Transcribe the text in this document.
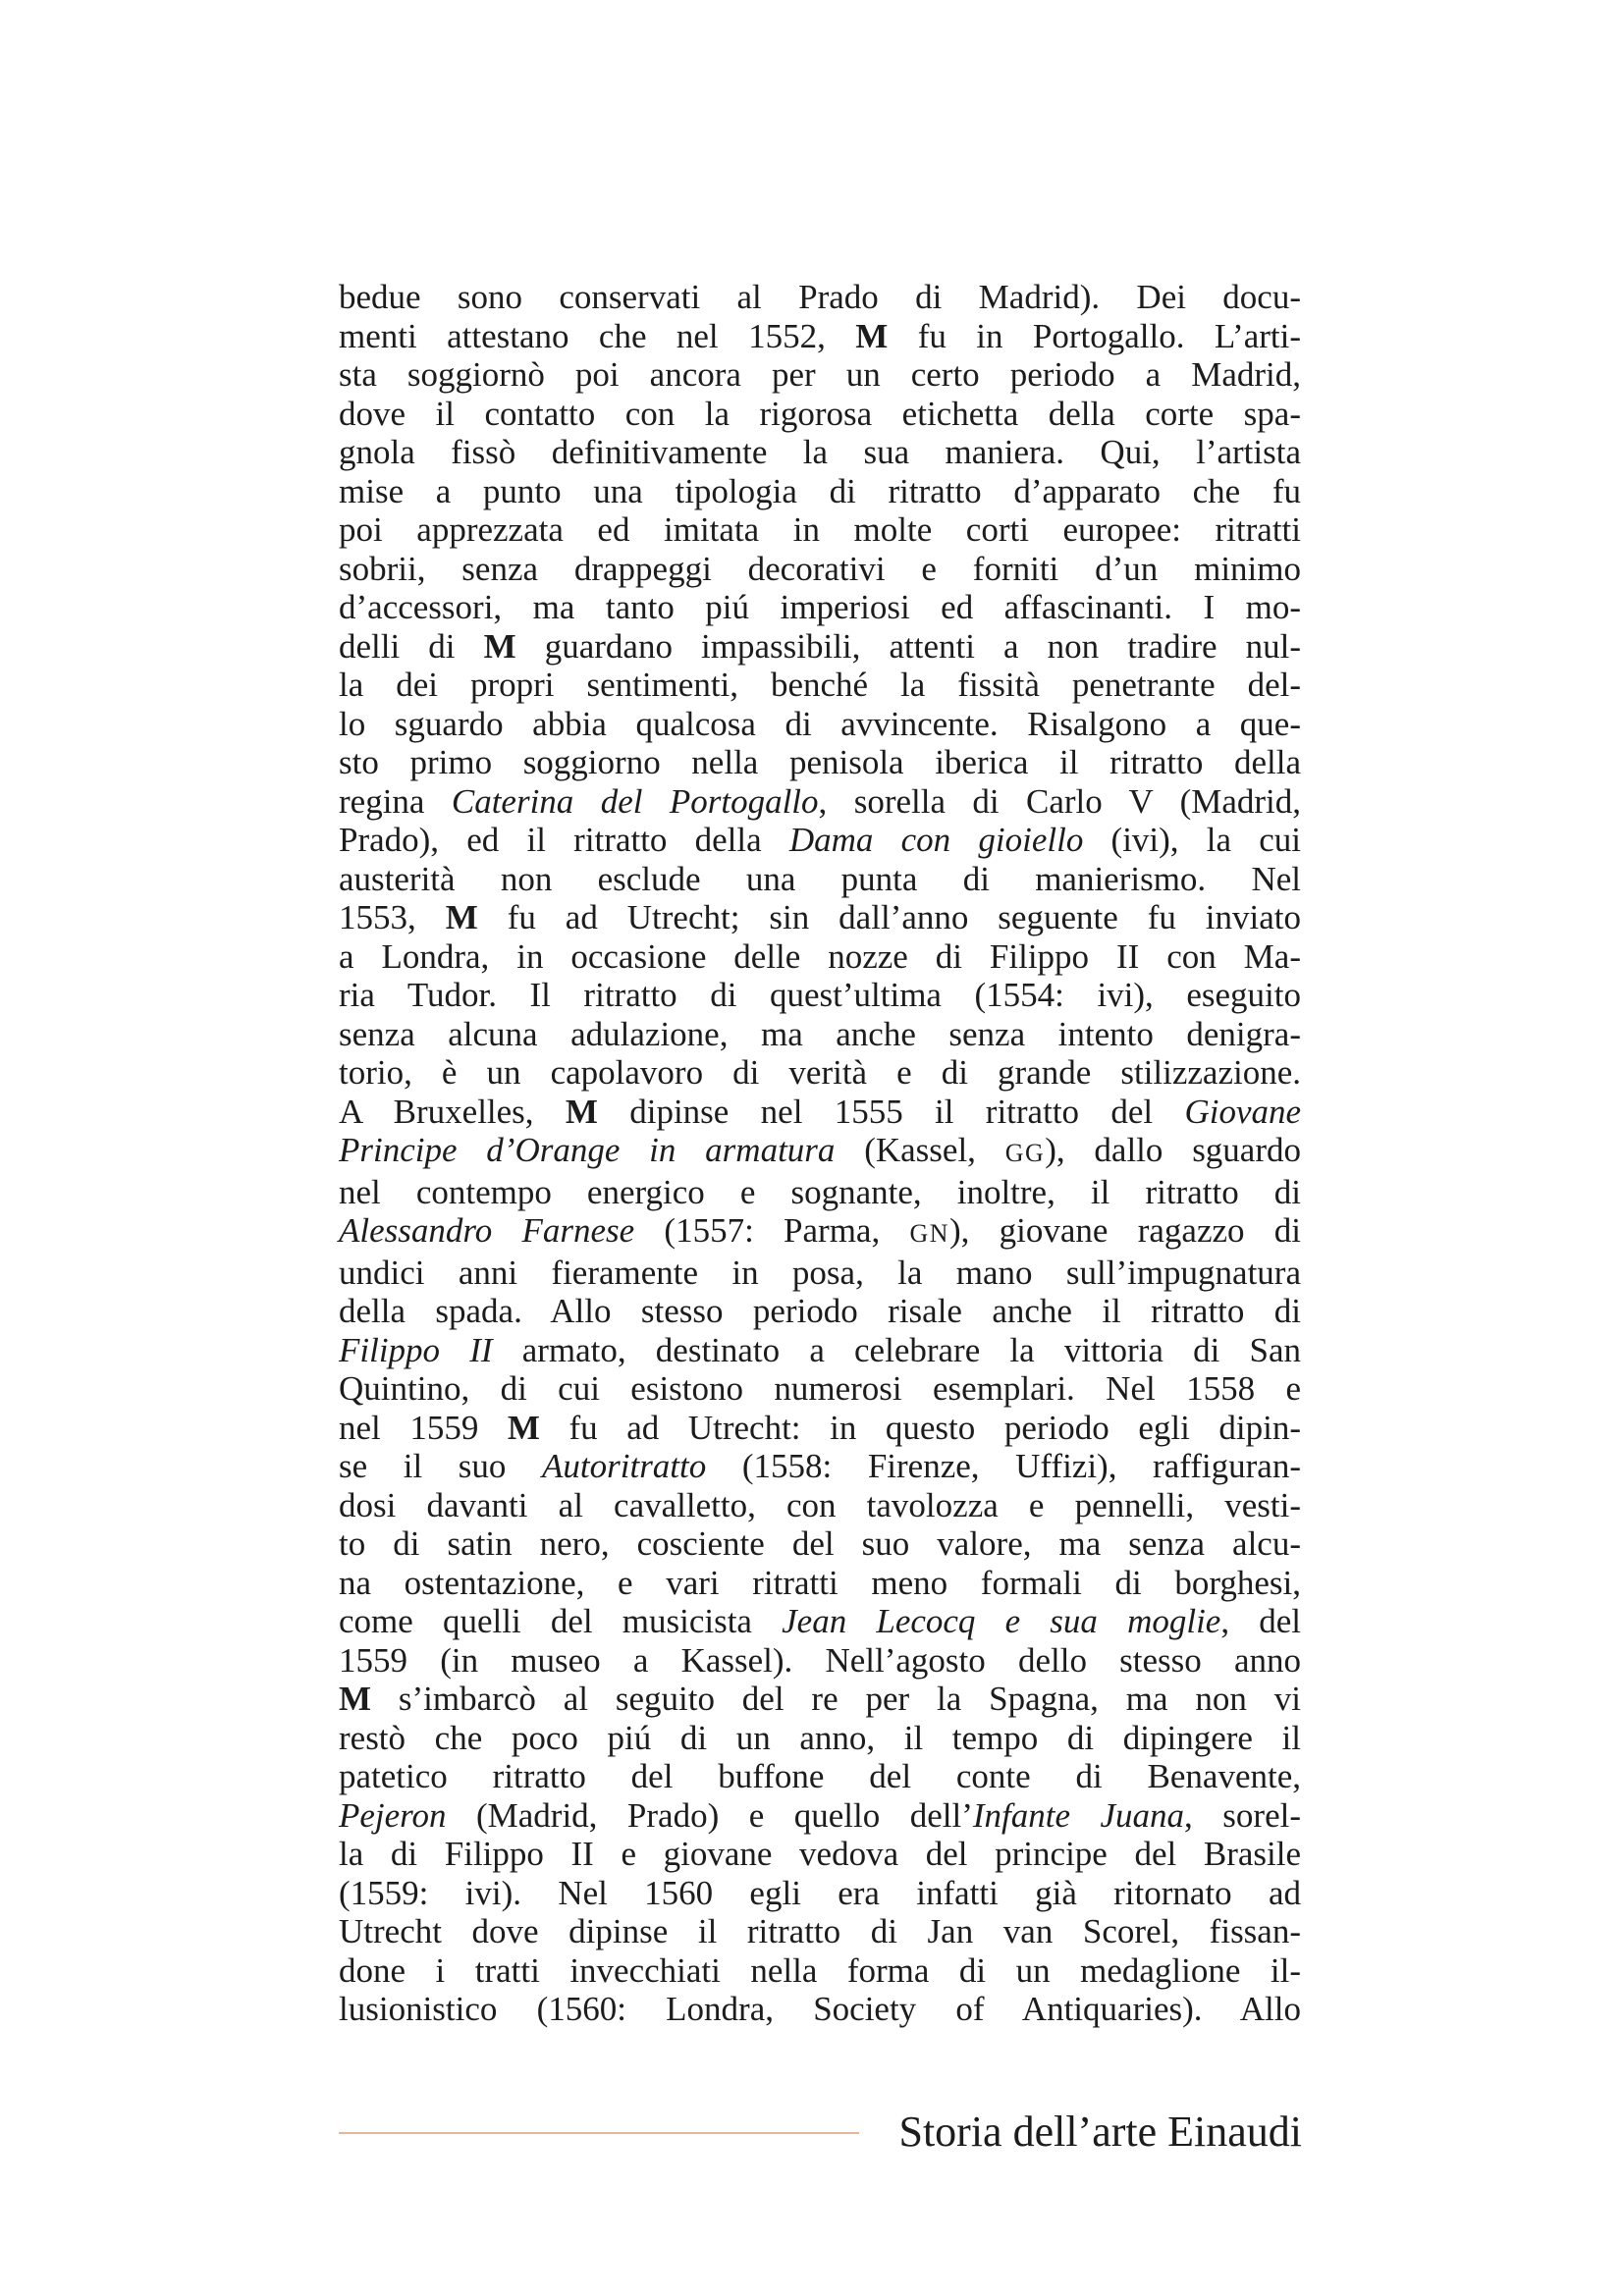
bedue sono conservati al Prado di Madrid). Dei docu-
menti attestano che nel 1552, M fu in Portogallo. L’arti-
sta soggiornò poi ancora per un certo periodo a Madrid,
dove il contatto con la rigorosa etichetta della corte spa-
gnola fissò definitivamente la sua maniera. Qui, l’artista
mise a punto una tipologia di ritratto d’apparato che fu
poi apprezzata ed imitata in molte corti europee: ritratti
sobrii, senza drappeggi decorativi e forniti d’un minimo
d’accessori, ma tanto piú imperiosi ed affascinanti. I mo-
delli di M guardano impassibili, attenti a non tradire nul-
la dei propri sentimenti, benché la fissità penetrante del-
lo sguardo abbia qualcosa di avvincente. Risalgono a que-
sto primo soggiorno nella penisola iberica il ritratto della
regina Caterina del Portogallo, sorella di Carlo V (Madrid,
Prado), ed il ritratto della Dama con gioiello (ivi), la cui
austerità non esclude una punta di manierismo. Nel
1553, M fu ad Utrecht; sin dall’anno seguente fu inviato
a Londra, in occasione delle nozze di Filippo II con Ma-
ria Tudor. Il ritratto di quest’ultima (1554: ivi), eseguito
senza alcuna adulazione, ma anche senza intento denigra-
torio, è un capolavoro di verità e di grande stilizzazione.
A Bruxelles, M dipinse nel 1555 il ritratto del Giovane
Principe d’Orange in armatura (Kassel, GG), dallo sguardo
nel contempo energico e sognante, inoltre, il ritratto di
Alessandro Farnese (1557: Parma, GN), giovane ragazzo di
undici anni fieramente in posa, la mano sull’impugnatura
della spada. Allo stesso periodo risale anche il ritratto di
Filippo II armato, destinato a celebrare la vittoria di San
Quintino, di cui esistono numerosi esemplari. Nel 1558 e
nel 1559 M fu ad Utrecht: in questo periodo egli dipin-
se il suo Autoritratto (1558: Firenze, Uffizi), raffiguran-
dosi davanti al cavalletto, con tavolozza e pennelli, vesti-
to di satin nero, cosciente del suo valore, ma senza alcu-
na ostentazione, e vari ritratti meno formali di borghesi,
come quelli del musicista Jean Lecocq e sua moglie, del
1559 (in museo a Kassel). Nell’agosto dello stesso anno
M s’imbarcò al seguito del re per la Spagna, ma non vi
restò che poco piú di un anno, il tempo di dipingere il
patetico ritratto del buffone del conte di Benavente,
Pejeron (Madrid, Prado) e quello dell’Infante Juana, sorel-
la di Filippo II e giovane vedova del principe del Brasile
(1559: ivi). Nel 1560 egli era infatti già ritornato ad
Utrecht dove dipinse il ritratto di Jan van Scorel, fissan-
done i tratti invecchiati nella forma di un medaglione il-
lusionistico (1560: Londra, Society of Antiquaries). Allo
Storia dell’arte Einaudi
